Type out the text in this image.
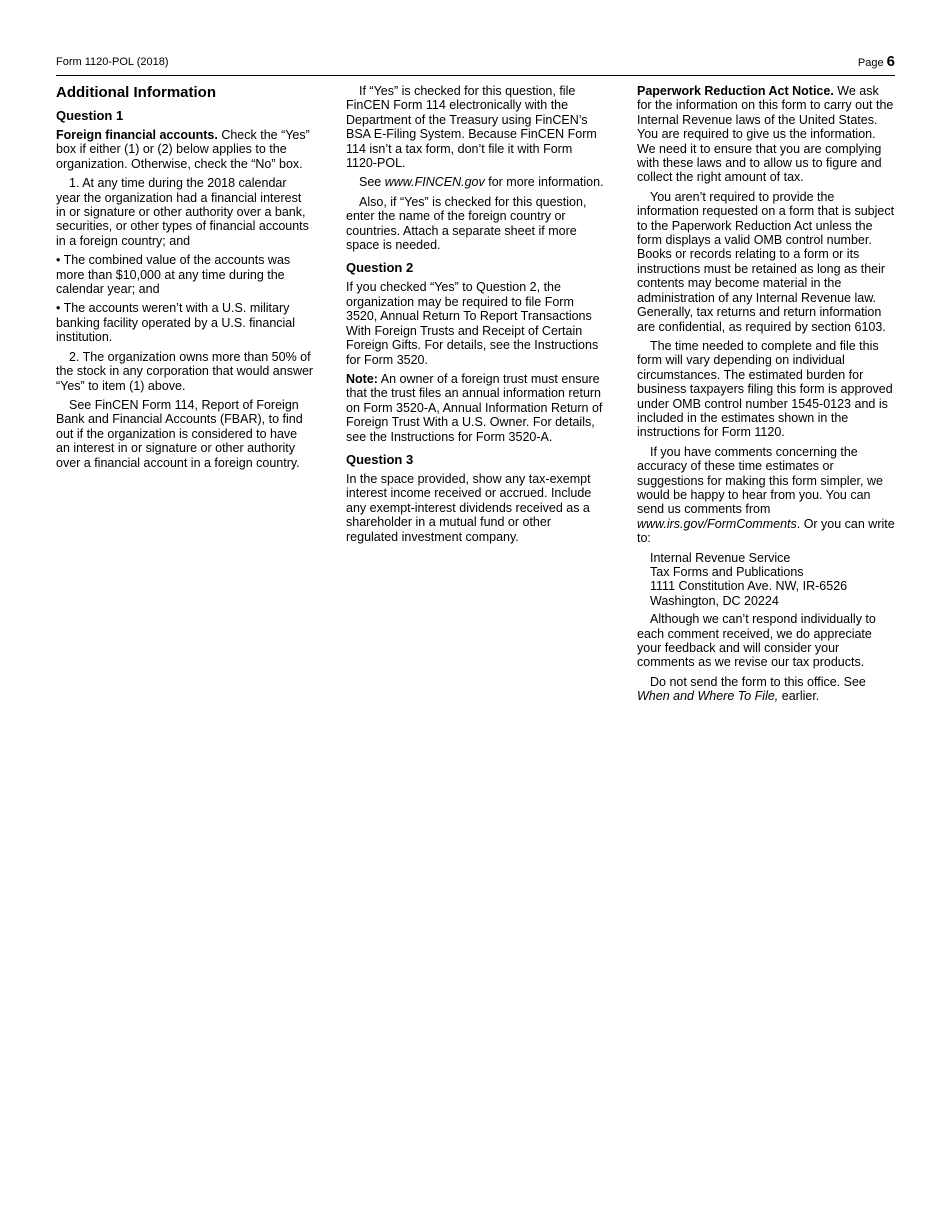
Form 1120-POL (2018)	Page 6
Additional Information
Question 1

Foreign financial accounts. Check the “Yes” box if either (1) or (2) below applies to the organization. Otherwise, check the “No” box.

1. At any time during the 2018 calendar year the organization had a financial interest in or signature or other authority over a bank, securities, or other types of financial accounts in a foreign country; and

• The combined value of the accounts was more than $10,000 at any time during the calendar year; and

• The accounts weren’t with a U.S. military banking facility operated by a U.S. financial institution.

2. The organization owns more than 50% of the stock in any corporation that would answer “Yes” to item (1) above.

See FinCEN Form 114, Report of Foreign Bank and Financial Accounts (FBAR), to find out if the organization is considered to have an interest in or signature or other authority over a financial account in a foreign country.

If “Yes” is checked for this question, file FinCEN Form 114 electronically with the Department of the Treasury using FinCEN’s BSA E-Filing System. Because FinCEN Form 114 isn’t a tax form, don’t file it with Form 1120-POL.

See www.FINCEN.gov for more information.

Also, if “Yes” is checked for this question, enter the name of the foreign country or countries. Attach a separate sheet if more space is needed.

Question 2

If you checked “Yes” to Question 2, the organization may be required to file Form 3520, Annual Return To Report Transactions With Foreign Trusts and Receipt of Certain Foreign Gifts. For details, see the Instructions for Form 3520.

Note: An owner of a foreign trust must ensure that the trust files an annual information return on Form 3520-A, Annual Information Return of Foreign Trust With a U.S. Owner. For details, see the Instructions for Form 3520-A.

Question 3

In the space provided, show any tax-exempt interest income received or accrued. Include any exempt-interest dividends received as a shareholder in a mutual fund or other regulated investment company.

Paperwork Reduction Act Notice. We ask for the information on this form to carry out the Internal Revenue laws of the United States. You are required to give us the information. We need it to ensure that you are complying with these laws and to allow us to figure and collect the right amount of tax.

You aren’t required to provide the information requested on a form that is subject to the Paperwork Reduction Act unless the form displays a valid OMB control number. Books or records relating to a form or its instructions must be retained as long as their contents may become material in the administration of any Internal Revenue law. Generally, tax returns and return information are confidential, as required by section 6103.

The time needed to complete and file this form will vary depending on individual circumstances. The estimated burden for business taxpayers filing this form is approved under OMB control number 1545-0123 and is included in the estimates shown in the instructions for Form 1120.

If you have comments concerning the accuracy of these time estimates or suggestions for making this form simpler, we would be happy to hear from you. You can send us comments from www.irs.gov/FormComments. Or you can write to:

Internal Revenue Service
Tax Forms and Publications
1111 Constitution Ave. NW, IR-6526
Washington, DC 20224

Although we can’t respond individually to each comment received, we do appreciate your feedback and will consider your comments as we revise our tax products.

Do not send the form to this office. See When and Where To File, earlier.
